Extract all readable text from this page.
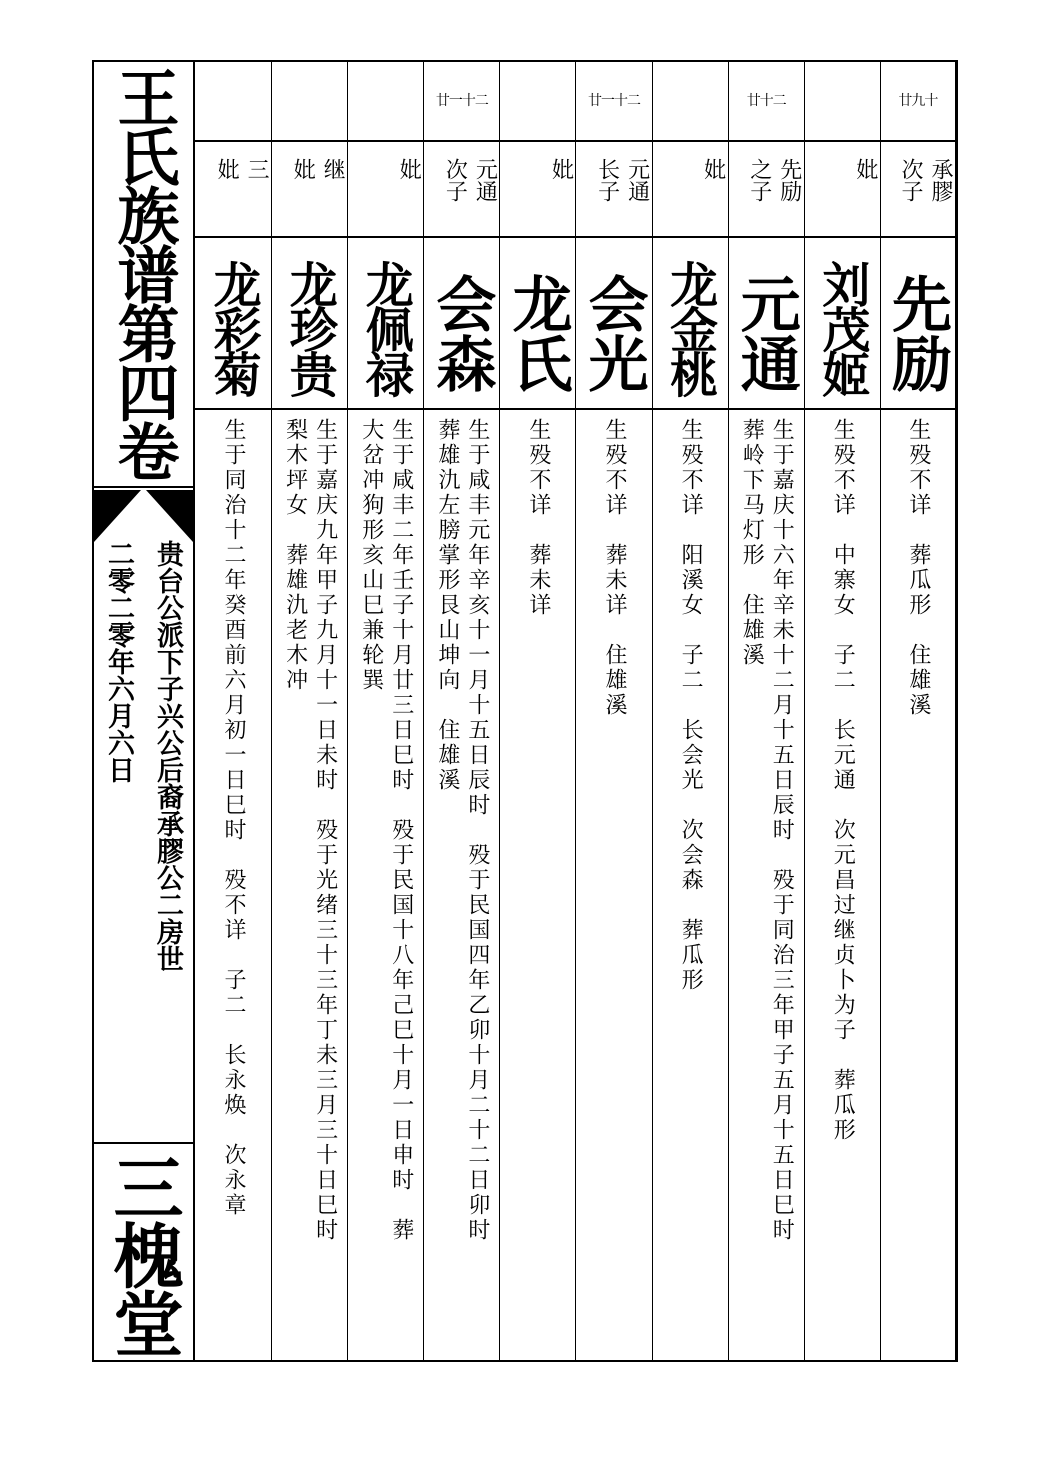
王氏族谱第四卷
贵台公派下子兴公后裔承膠公二房世
二零二零年六月六日
三槐堂
三
妣
龙彩菊
生于同治十二年癸酉前六月初一日巳时　殁不详　子二　长永焕　次永章
继
妣
龙珍贵
生于嘉庆九年甲子九月十一日未时　殁于光绪三十三年丁未三月三十日巳时
梨木坪女　葬雄氿老木冲
妣
龙佩禄
生于咸丰二年壬子十月廿三日巳时　殁于民国十八年己巳十月一日申时　葬
大岔冲狗形亥山巳兼轮巽
廿一十二
元通
次子
会森
生于咸丰元年辛亥十一月十五日辰时　殁于民国四年乙卯十月二十二日卯时
葬雄氿左膀掌形艮山坤向　住雄溪
妣
龙氏
生殁不详　葬未详
廿一十二
元通
长子
会光
生殁不详　葬未详　住雄溪
妣
龙金桃
生殁不详　阳溪女　子二　长会光　次会森　葬瓜形
廿十二
先励
之子
元通
生于嘉庆十六年辛未十二月十五日辰时　殁于同治三年甲子五月十五日巳时
葬岭下马灯形　住雄溪
妣
刘茂姬
生殁不详　中寨女　子二　长元通　次元昌过继贞卜为子　葬瓜形
廿九十
承膠
次子
先励
生殁不详　葬瓜形　住雄溪
